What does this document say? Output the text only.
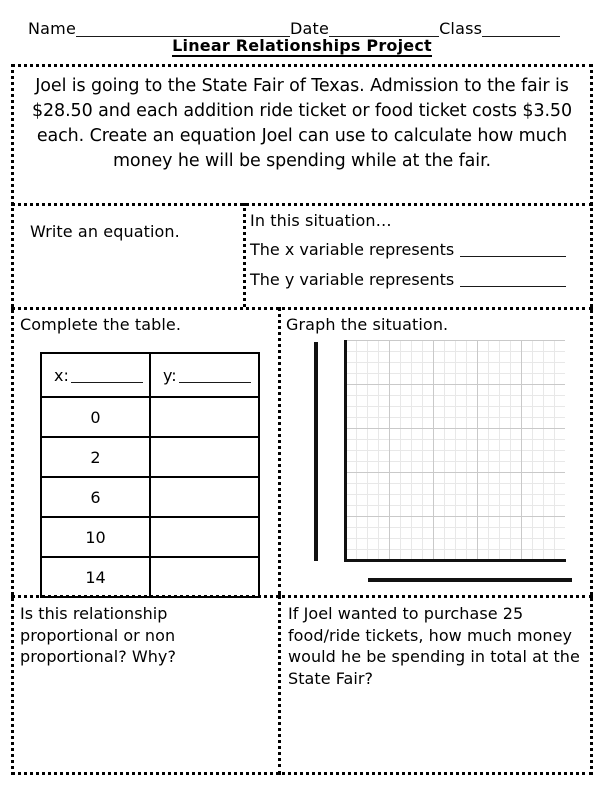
Name	Date	Class
Linear Relationships Project
Joel is going to the State Fair of Texas. Admission to the fair is $28.50 and each addition ride ticket or food ticket costs $3.50 each. Create an equation Joel can use to calculate how much money he will be spending while at the fair.
Write an equation.
In this situation…
The x variable represents
The y variable represents
Complete the table.
x:	y:

0	
2	
6	
10	
14	
Graph the situation.
Is this relationship proportional or non proportional? Why?
If Joel wanted to purchase 25 food/ride tickets, how much money would he be spending in total at the State Fair?
